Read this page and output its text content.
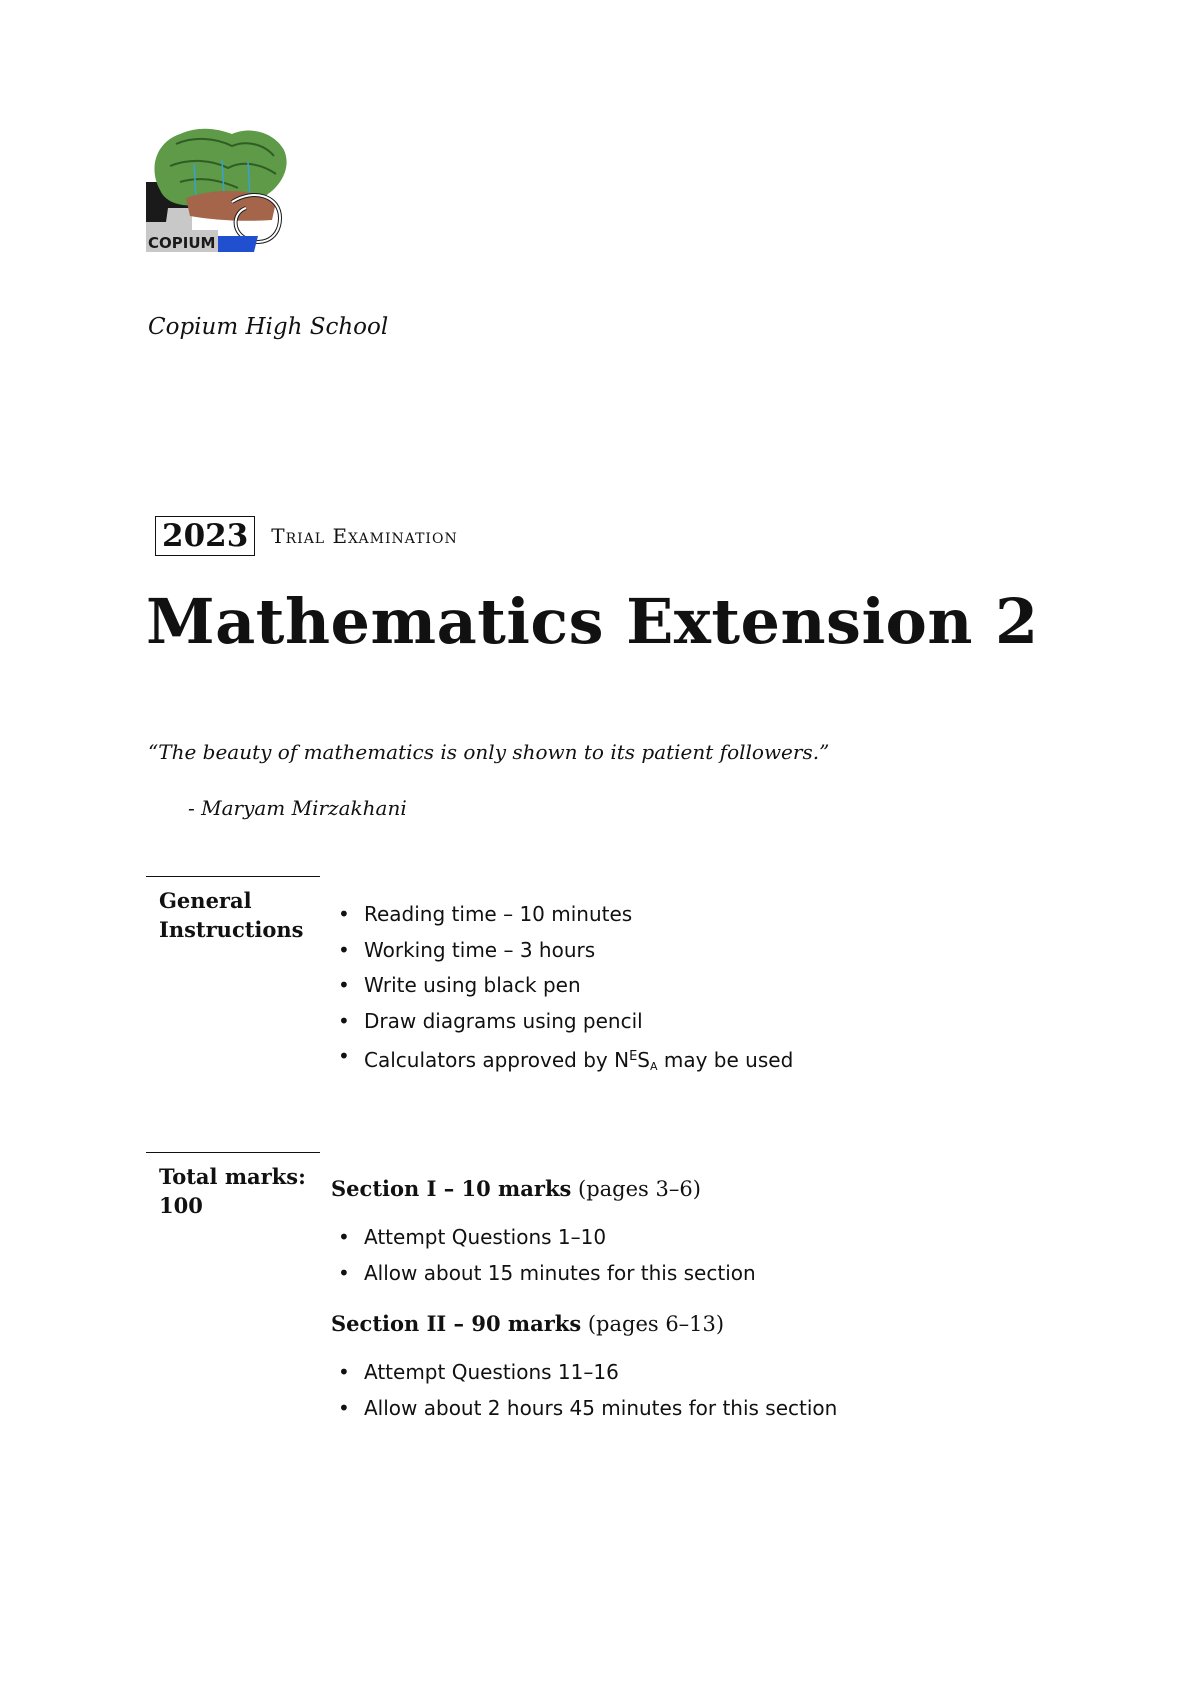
COPIUM
Copium High School
2023	Trial Examination
Mathematics Extension 2
“The beauty of mathematics is only shown to its patient followers.”
- Maryam Mirzakhani
General
Instructions
• Reading time – 10 minutes
• Working time – 3 hours
• Write using black pen
• Draw diagrams using pencil
• Calculators approved by $N^ES_A$ may be used
Total marks:
100
Section I – 10 marks (pages 3–6)
• Attempt Questions 1–10
• Allow about 15 minutes for this section
Section II – 90 marks (pages 6–13)
• Attempt Questions 11–16
• Allow about 2 hours 45 minutes for this section
